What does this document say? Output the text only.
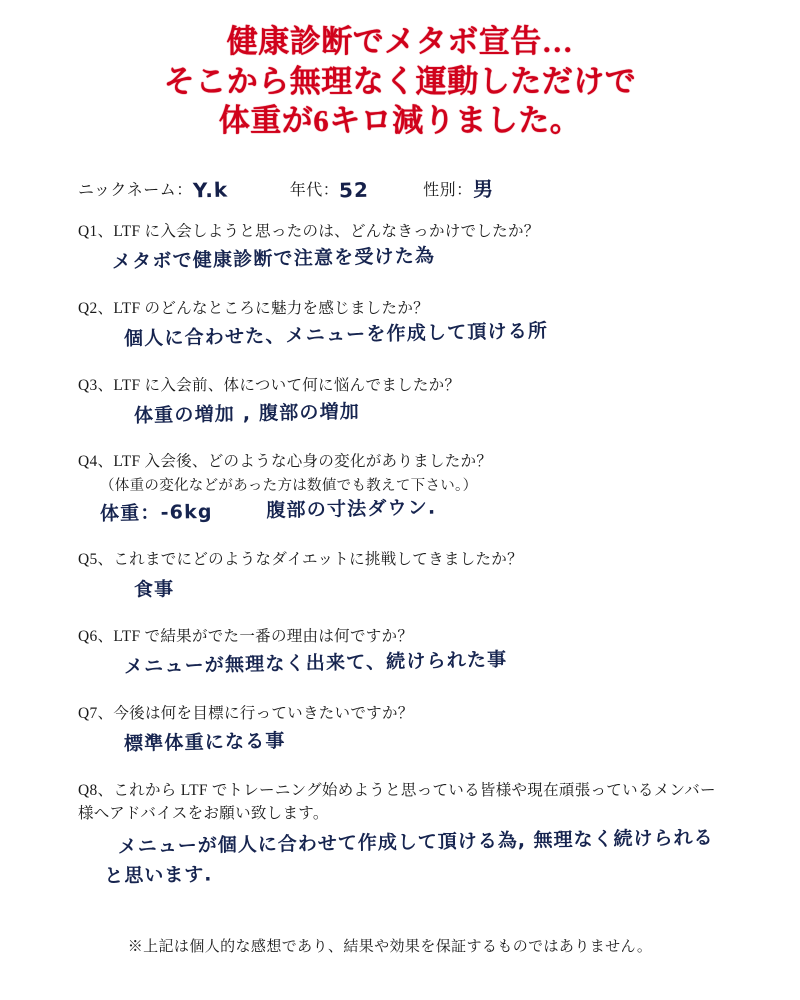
健康診断でメタボ宣告…
そこから無理なく運動しただけで
体重が6キロ減りました。
ニックネーム： Y.k	年代： 52	性別： 男
Q1、LTF に入会しようと思ったのは、どんなきっかけでしたか？
メタボで健康診断で注意を受けた為
Q2、LTF のどんなところに魅力を感じましたか？
個人に合わせた、メニューを作成して頂ける所
Q3、LTF に入会前、体について何に悩んでましたか？
体重の増加 , 腹部の増加
Q4、LTF 入会後、どのような心身の変化がありましたか？
（体重の変化などがあった方は数値でも教えて下さい。）
体重：-6kg	腹部の寸法ダウン.
Q5、これまでにどのようなダイエットに挑戦してきましたか？
食事
Q6、LTF で結果がでた一番の理由は何ですか？
メニューが無理なく出来て、続けられた事
Q7、今後は何を目標に行っていきたいですか？
標準体重になる事
Q8、これから LTF でトレーニング始めようと思っている皆様や現在頑張っているメンバー
様へアドバイスをお願い致します。
メニューが個人に合わせて作成して頂ける為, 無理なく続けられる
と思います.
※上記は個人的な感想であり、結果や効果を保証するものではありません。
